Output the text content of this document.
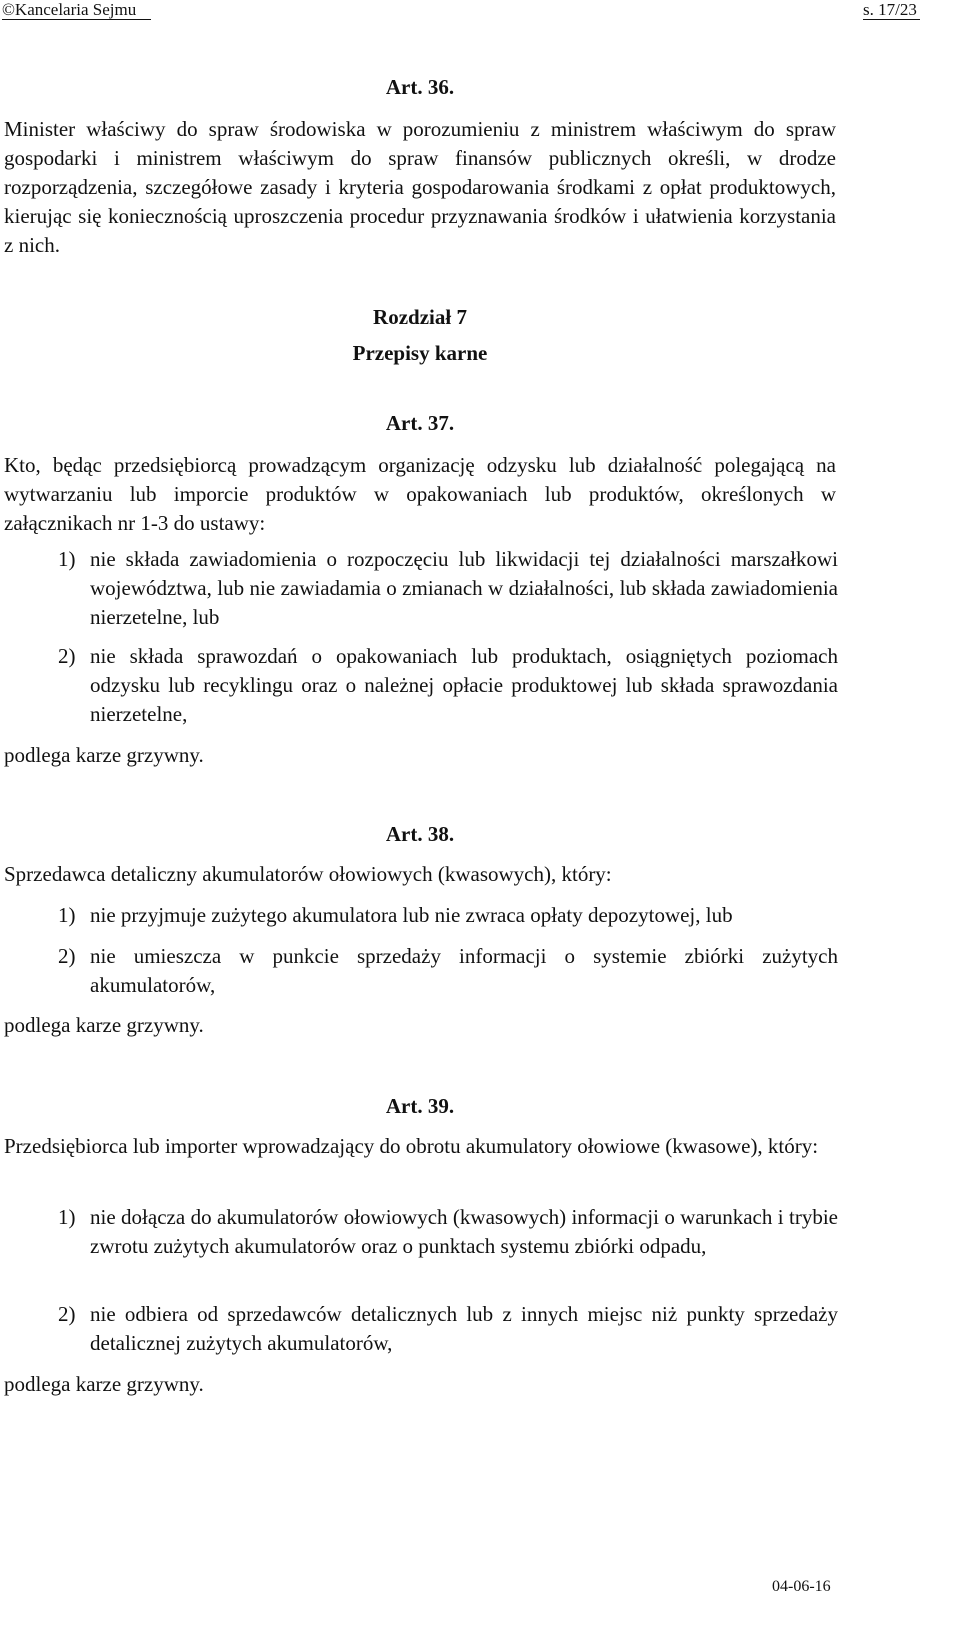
©Kancelaria Sejmu	s. 17/23

Art. 36.

Minister właściwy do spraw środowiska w porozumieniu z ministrem właściwym do spraw gospodarki i ministrem właściwym do spraw finansów publicznych określi, w drodze rozporządzenia, szczegółowe zasady i kryteria gospodarowania środkami z opłat produktowych, kierując się koniecznością uproszczenia procedur przyznawania środków i ułatwienia korzystania z nich.

Rozdział 7

Przepisy karne

Art. 37.

Kto, będąc przedsiębiorcą prowadzącym organizację odzysku lub działalność polegającą na wytwarzaniu lub imporcie produktów w opakowaniach lub produktów, określonych w załącznikach nr 1-3 do ustawy:

1) nie składa zawiadomienia o rozpoczęciu lub likwidacji tej działalności marszałkowi województwa, lub nie zawiadamia o zmianach w działalności, lub składa zawiadomienia nierzetelne, lub
2) nie składa sprawozdań o opakowaniach lub produktach, osiągniętych poziomach odzysku lub recyklingu oraz o należnej opłacie produktowej lub składa sprawozdania nierzetelne,

podlega karze grzywny.

Art. 38.

Sprzedawca detaliczny akumulatorów ołowiowych (kwasowych), który:

1) nie przyjmuje zużytego akumulatora lub nie zwraca opłaty depozytowej, lub
2) nie umieszcza w punkcie sprzedaży informacji o systemie zbiórki zużytych akumulatorów,

podlega karze grzywny.

Art. 39.

Przedsiębiorca lub importer wprowadzający do obrotu akumulatory ołowiowe (kwasowe), który:

1) nie dołącza do akumulatorów ołowiowych (kwasowych) informacji o warunkach i trybie zwrotu zużytych akumulatorów oraz o punktach systemu zbiórki odpadu,
2) nie odbiera od sprzedawców detalicznych lub z innych miejsc niż punkty sprzedaży detalicznej zużytych akumulatorów,

podlega karze grzywny.

04-06-16
